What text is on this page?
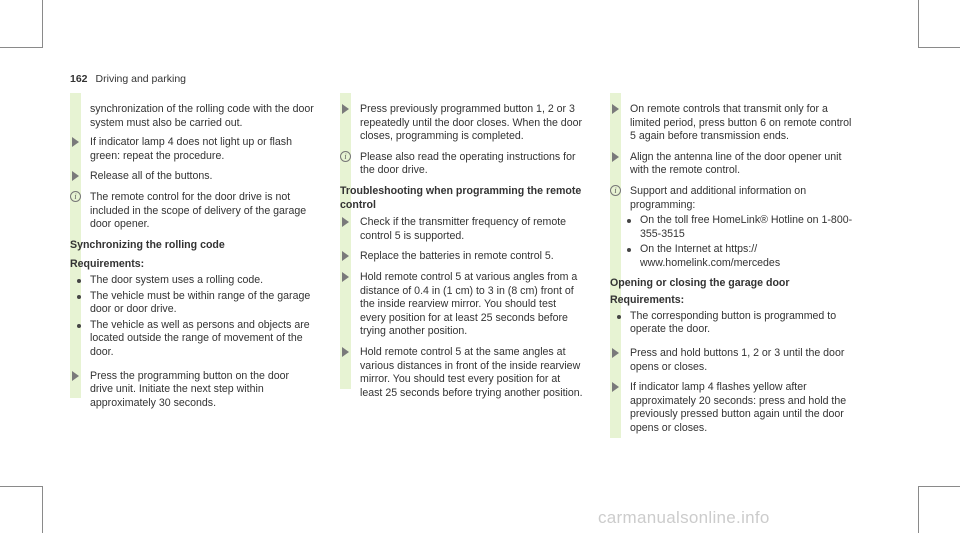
162 Driving and parking
synchronization of the rolling code with the door system must also be carried out.
If indicator lamp 4 does not light up or flash green: repeat the procedure.
Release all of the buttons.
i	The remote control for the door drive is not included in the scope of delivery of the garage door opener.
Synchronizing the rolling code
Requirements:
The door system uses a rolling code.
The vehicle must be within range of the garage door or door drive.
The vehicle as well as persons and objects are located outside the range of movement of the door.
Press the programming button on the door drive unit. Initiate the next step within approximately 30 seconds.
Press previously programmed button 1, 2 or 3 repeatedly until the door closes. When the door closes, programming is completed.
i	Please also read the operating instructions for the door drive.
Troubleshooting when programming the remote control
Check if the transmitter frequency of remote control 5 is supported.
Replace the batteries in remote control 5.
Hold remote control 5 at various angles from a distance of 0.4 in (1 cm) to 3 in (8 cm) front of the inside rearview mirror. You should test every position for at least 25 seconds before trying another position.
Hold remote control 5 at the same angles at various distances in front of the inside rearview mirror. You should test every position for at least 25 seconds before trying another position.
On remote controls that transmit only for a limited period, press button 6 on remote control 5 again before transmission ends.
Align the antenna line of the door opener unit with the remote control.
i	Support and additional information on programming:
On the toll free HomeLink® Hotline on 1-800-355-3515
On the Internet at https:// www.homelink.com/mercedes
Opening or closing the garage door
Requirements:
The corresponding button is programmed to operate the door.
Press and hold buttons 1, 2 or 3 until the door opens or closes.
If indicator lamp 4 flashes yellow after approximately 20 seconds: press and hold the previously pressed button again until the door opens or closes.
carmanualsonline.info
